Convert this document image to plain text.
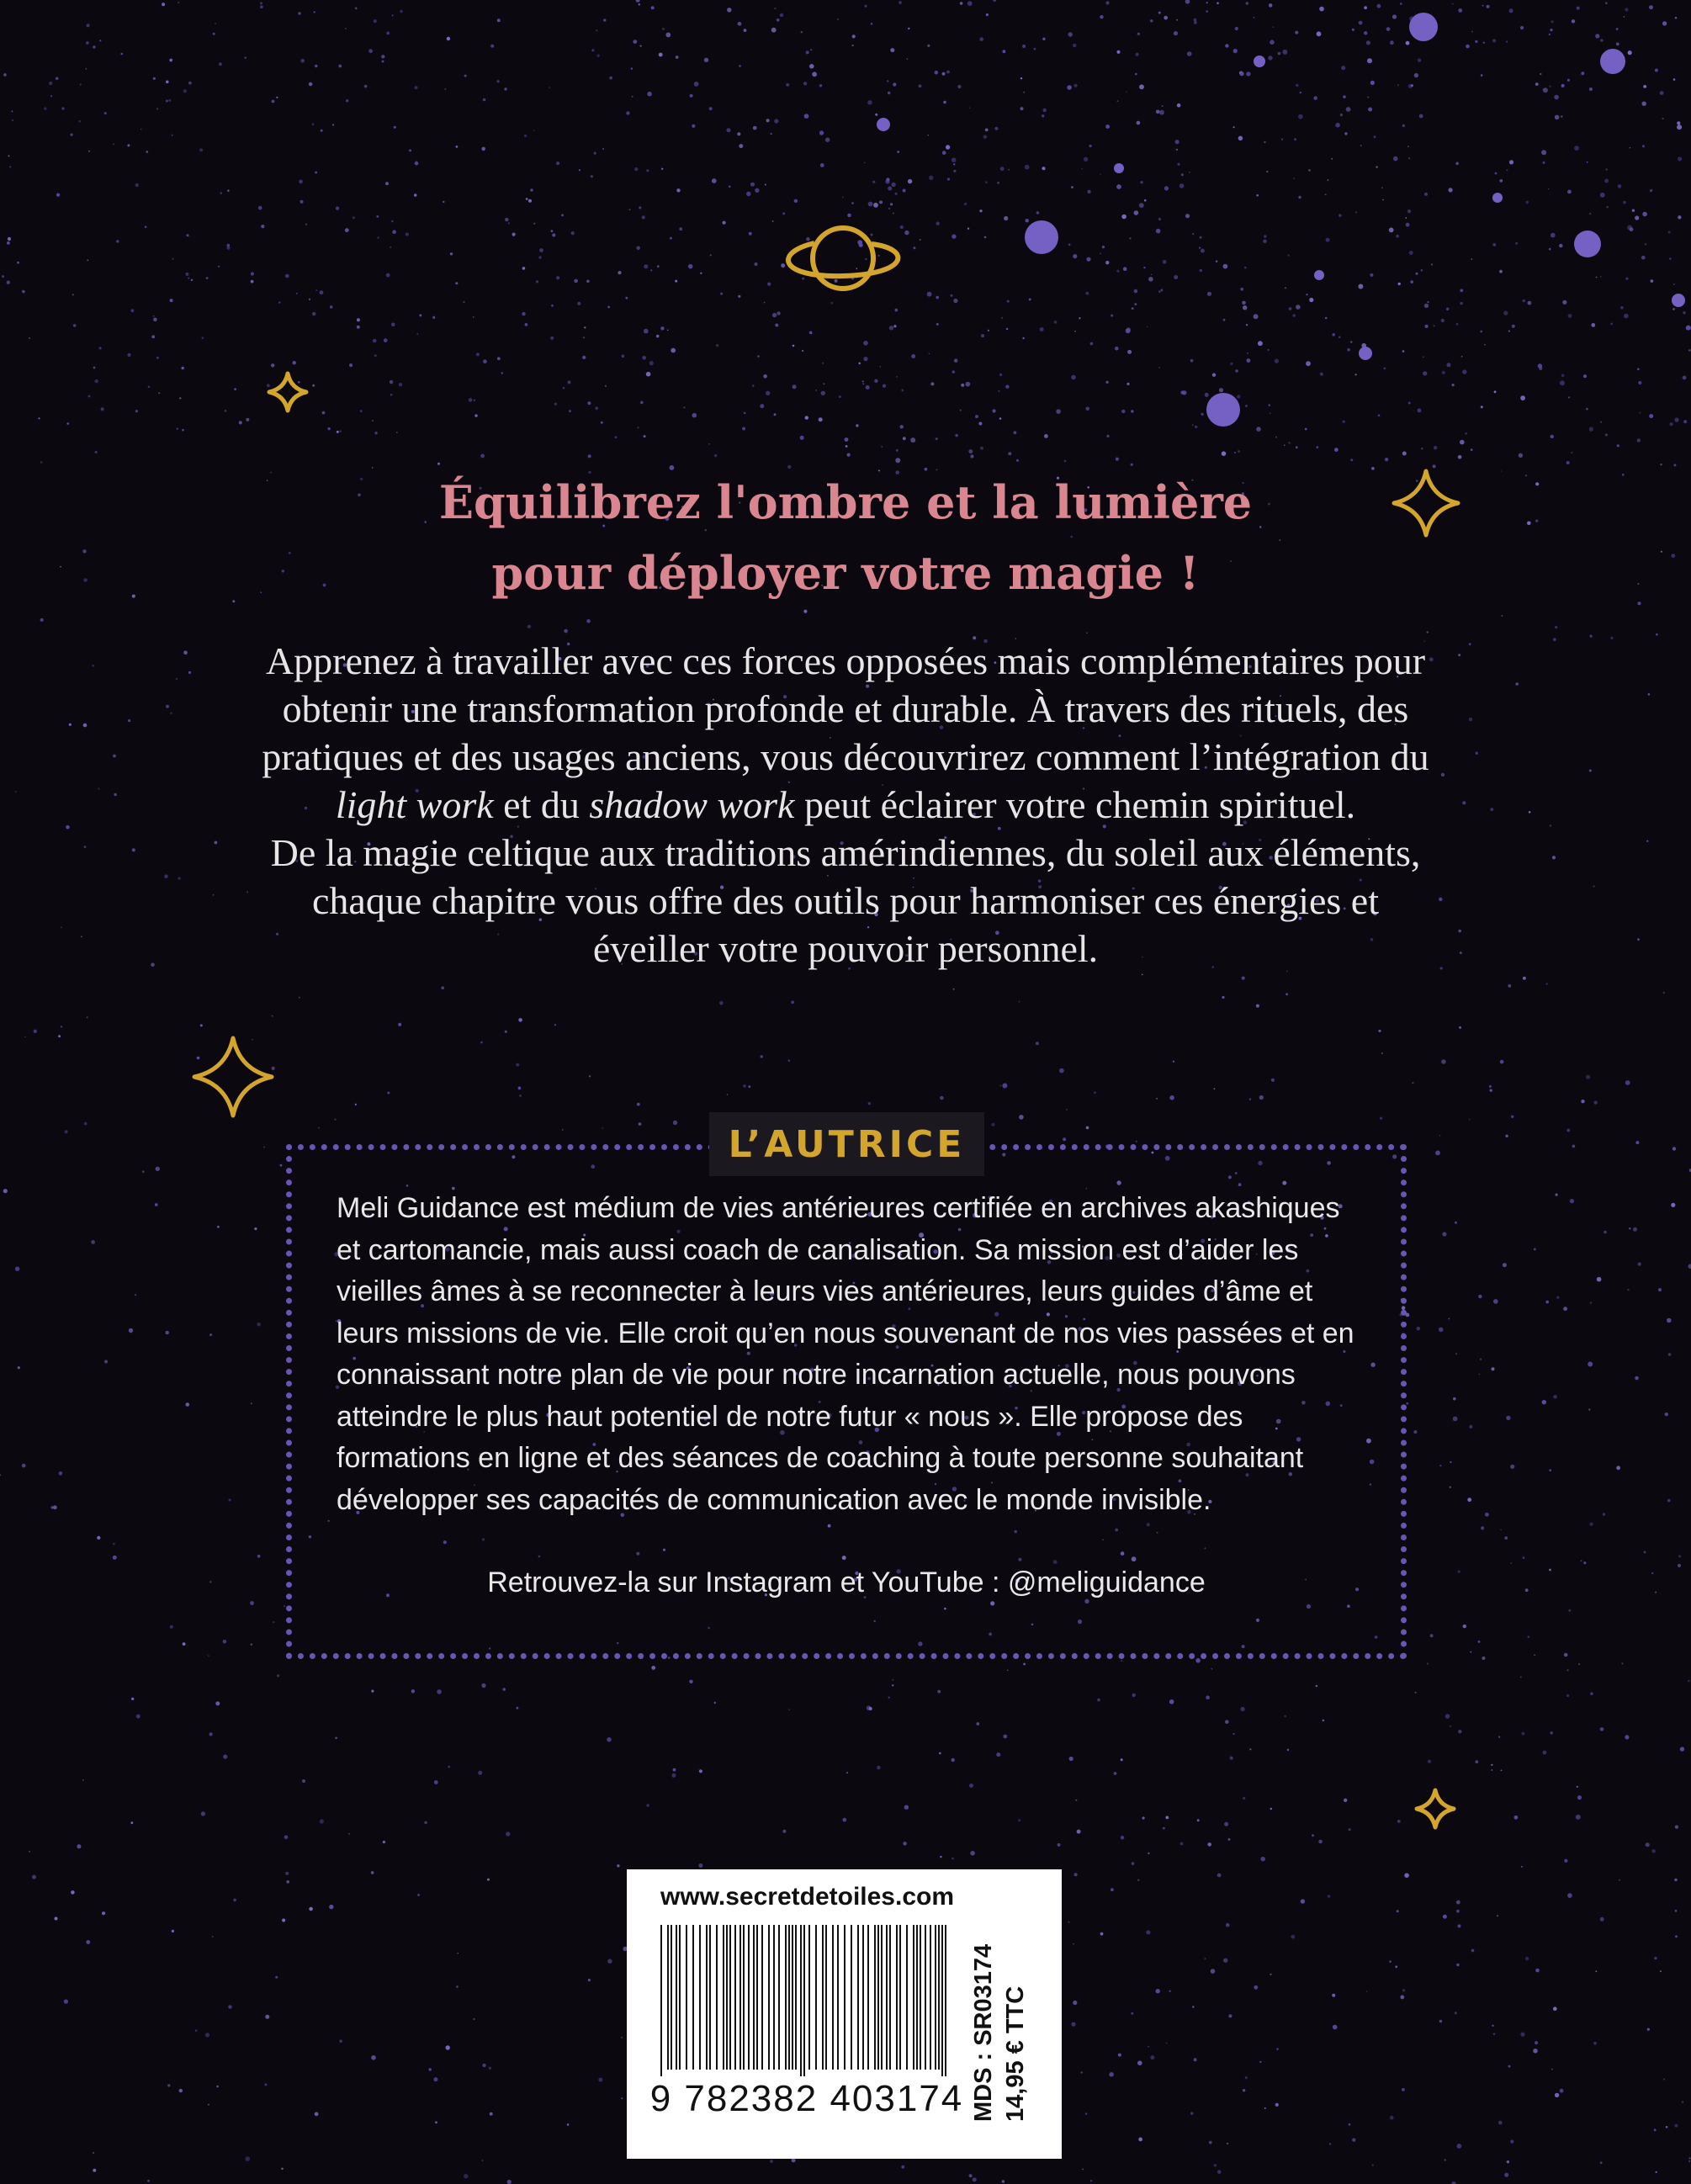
Équilibrez l'ombre et la lumière
pour déployer votre magie !
Apprenez à travailler avec ces forces opposées mais complémentaires pour
obtenir une transformation profonde et durable. À travers des rituels, des
pratiques et des usages anciens, vous découvrirez comment l’intégration du
light work et du shadow work peut éclairer votre chemin spirituel.
De la magie celtique aux traditions amérindiennes, du soleil aux éléments,
chaque chapitre vous offre des outils pour harmoniser ces énergies et
éveiller votre pouvoir personnel.
L’AUTRICE
Meli Guidance est médium de vies antérieures certifiée en archives akashiques
et cartomancie, mais aussi coach de canalisation. Sa mission est d’aider les
vieilles âmes à se reconnecter à leurs vies antérieures, leurs guides d’âme et
leurs missions de vie. Elle croit qu’en nous souvenant de nos vies passées et en
connaissant notre plan de vie pour notre incarnation actuelle, nous pouvons
atteindre le plus haut potentiel de notre futur « nous ». Elle propose des
formations en ligne et des séances de coaching à toute personne souhaitant
développer ses capacités de communication avec le monde invisible.
Retrouvez-la sur Instagram et YouTube : @meliguidance
www.secretdetoiles.com
9 782382 403174 MDS : SR03174 14,95 € TTC
